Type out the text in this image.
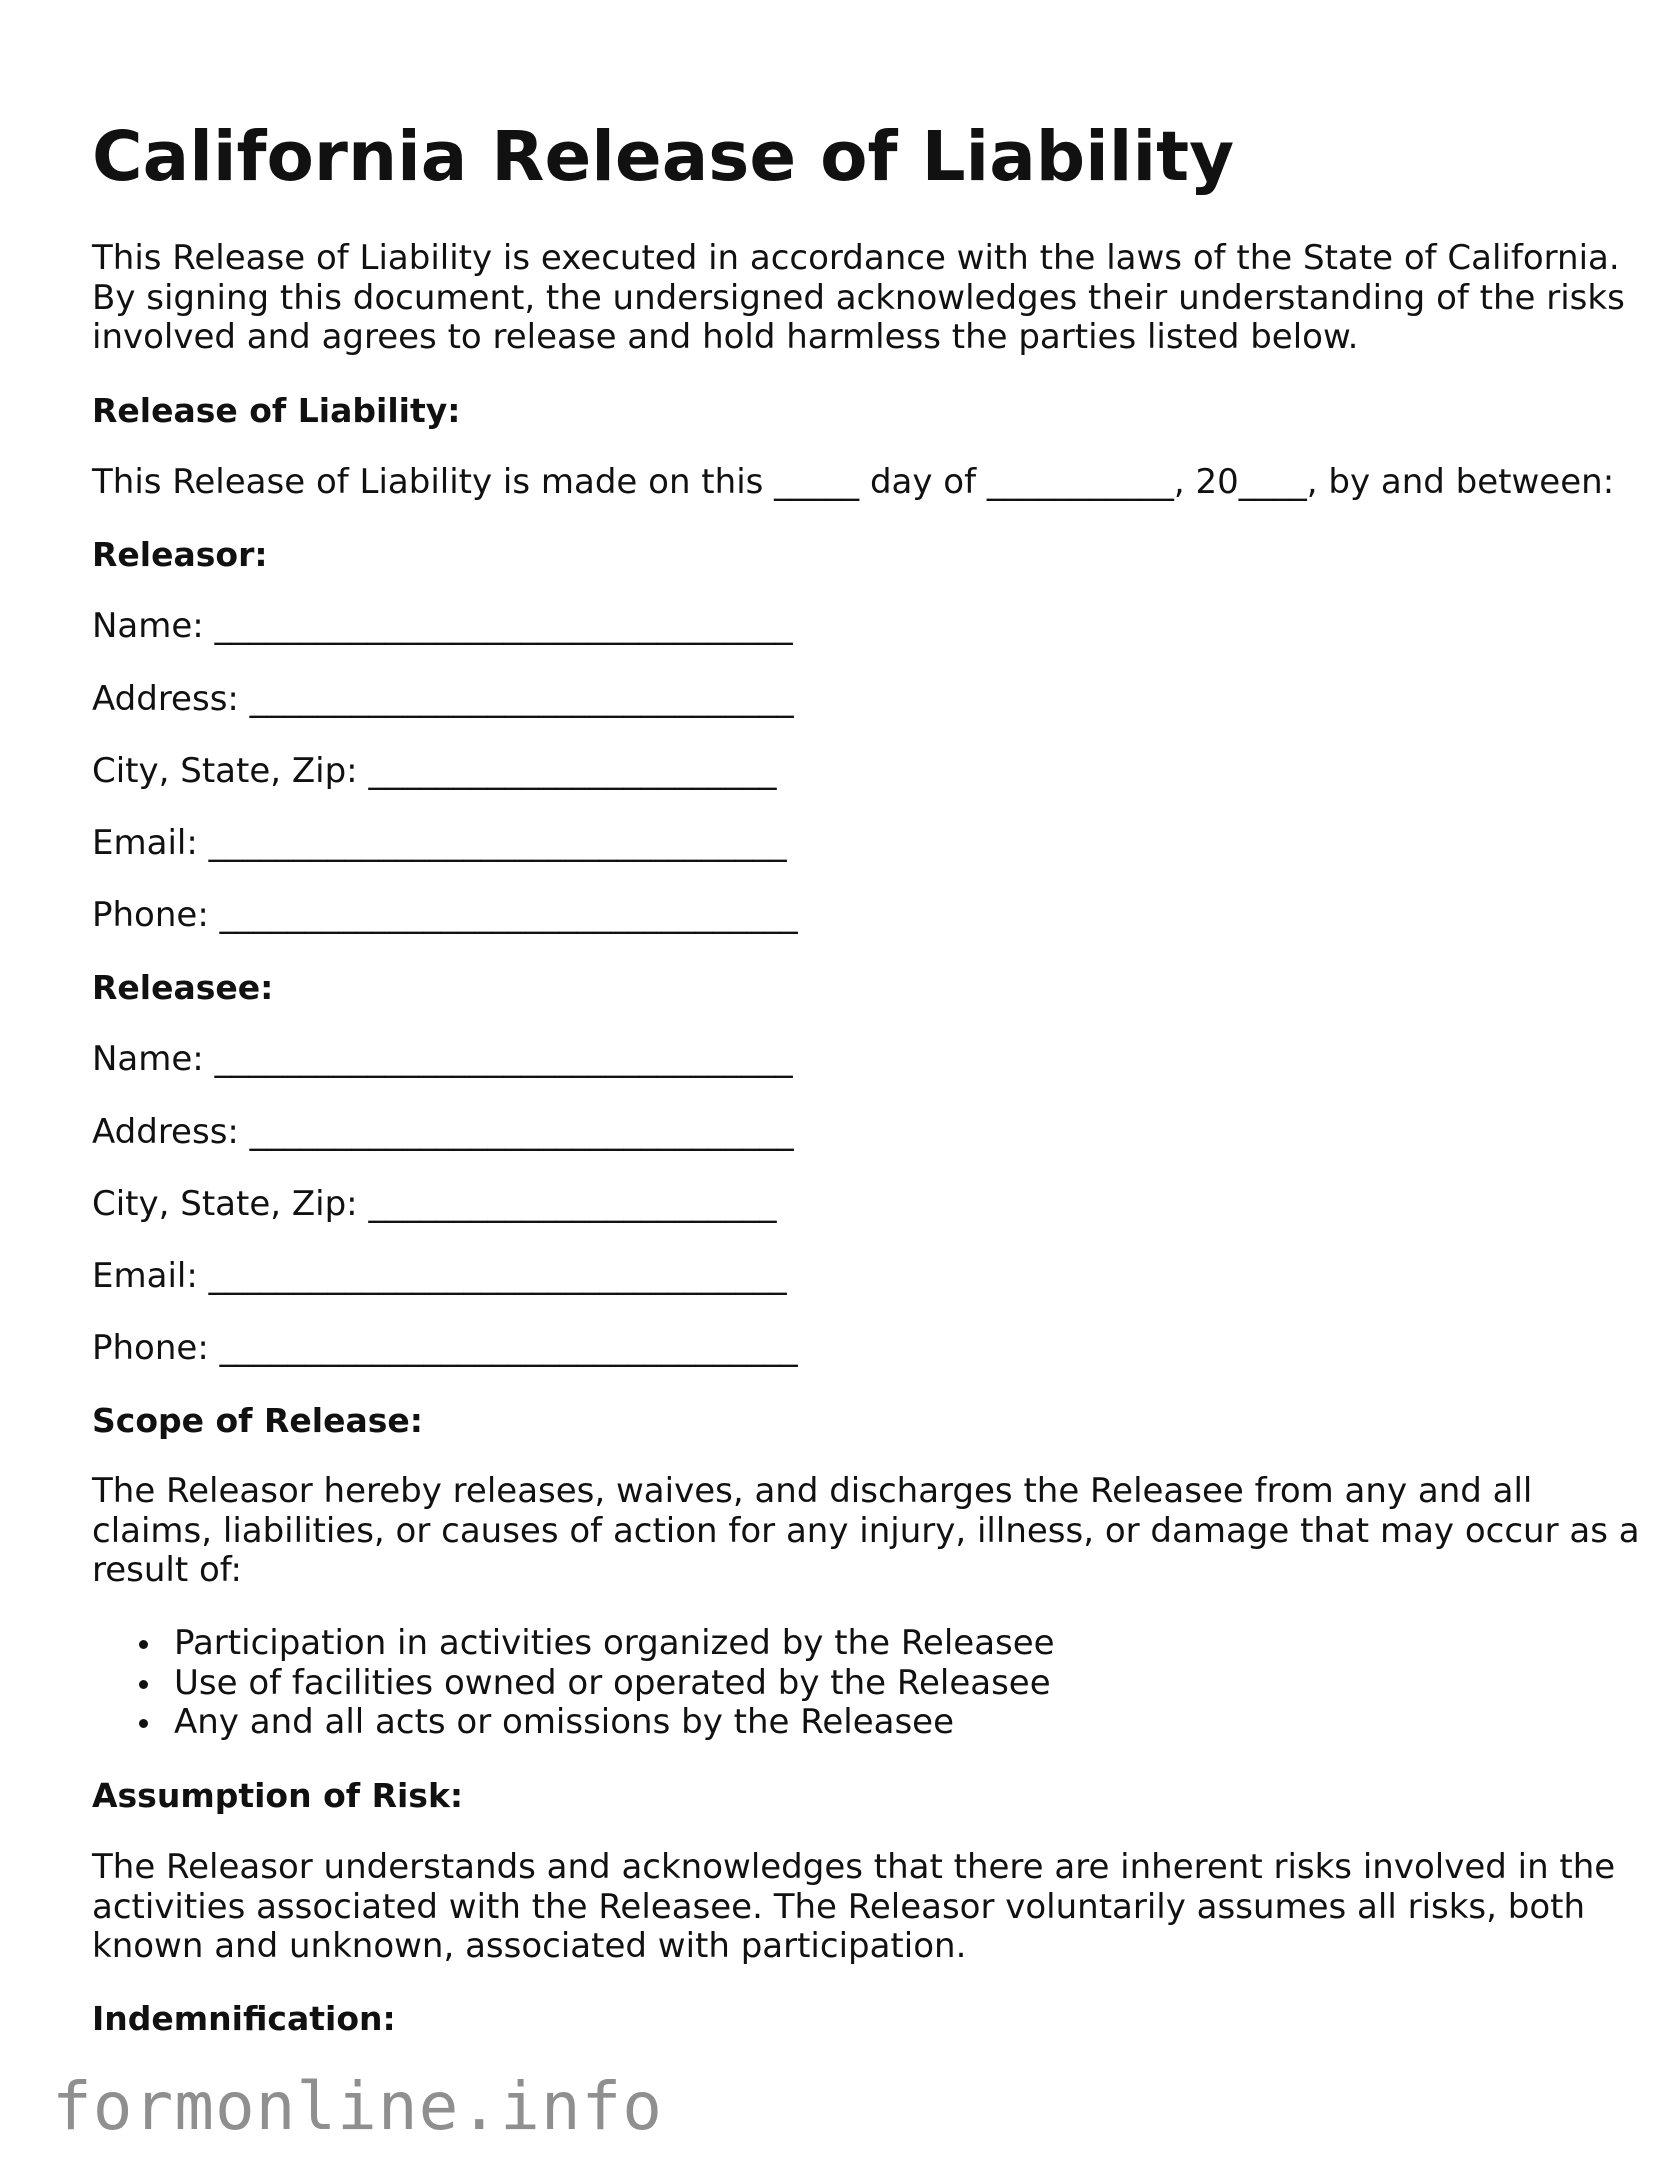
California Release of Liability
This Release of Liability is executed in accordance with the laws of the State of California.
By signing this document, the undersigned acknowledges their understanding of the risks
involved and agrees to release and hold harmless the parties listed below.
Release of Liability:
This Release of Liability is made on this _____ day of ___________, 20____, by and between:
Releasor:
Name: __________________________________
Address: ________________________________
City, State, Zip: ________________________
Email: __________________________________
Phone: __________________________________
Releasee:
Name: __________________________________
Address: ________________________________
City, State, Zip: ________________________
Email: __________________________________
Phone: __________________________________
Scope of Release:
The Releasor hereby releases, waives, and discharges the Releasee from any and all
claims, liabilities, or causes of action for any injury, illness, or damage that may occur as a
result of:
Participation in activities organized by the Releasee
Use of facilities owned or operated by the Releasee
Any and all acts or omissions by the Releasee
Assumption of Risk:
The Releasor understands and acknowledges that there are inherent risks involved in the
activities associated with the Releasee. The Releasor voluntarily assumes all risks, both
known and unknown, associated with participation.
Indemnification:
formonline.info
